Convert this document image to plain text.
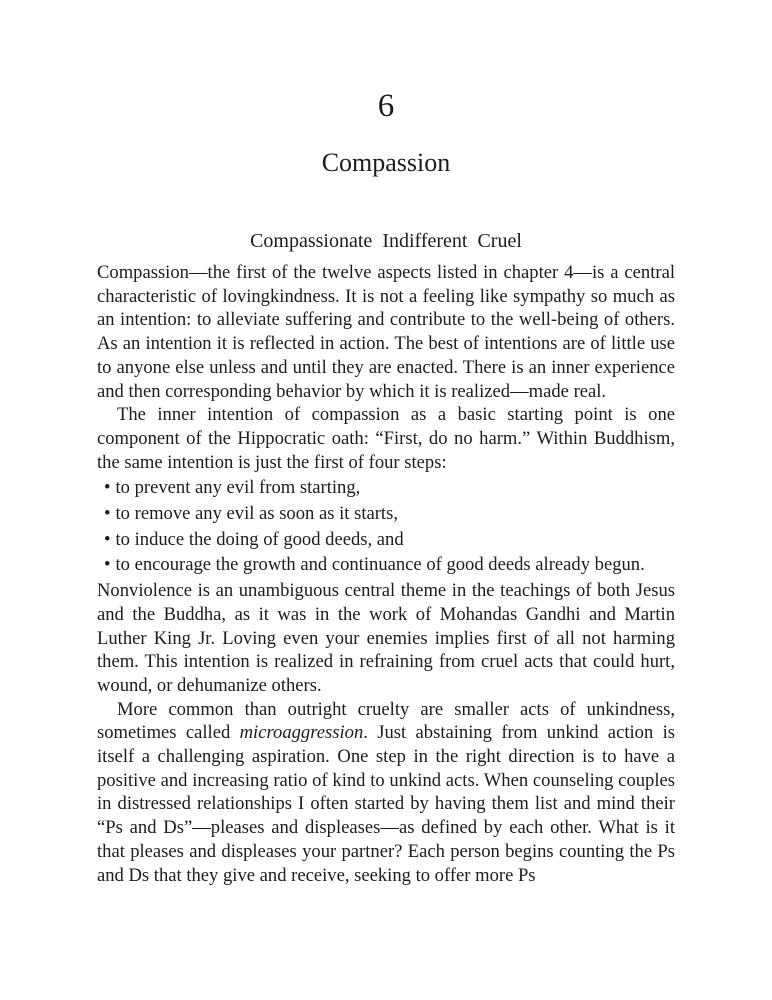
6
Compassion
Compassionate Indifferent Cruel

Compassion—the first of the twelve aspects listed in chapter 4—is a central characteristic of lovingkindness. It is not a feeling like sympathy so much as an intention: to alleviate suffering and contribute to the well-being of others. As an intention it is reflected in action. The best of intentions are of little use to anyone else unless and until they are enacted. There is an inner experience and then corresponding behavior by which it is realized—made real.

The inner intention of compassion as a basic starting point is one component of the Hippocratic oath: “First, do no harm.” Within Buddhism, the same intention is just the first of four steps:

• to prevent any evil from starting,
• to remove any evil as soon as it starts,
• to induce the doing of good deeds, and
• to encourage the growth and continuance of good deeds already begun.

Nonviolence is an unambiguous central theme in the teachings of both Jesus and the Buddha, as it was in the work of Mohandas Gandhi and Martin Luther King Jr. Loving even your enemies implies first of all not harming them. This intention is realized in refraining from cruel acts that could hurt, wound, or dehumanize others.

More common than outright cruelty are smaller acts of unkindness, sometimes called microaggression. Just abstaining from unkind action is itself a challenging aspiration. One step in the right direction is to have a positive and increasing ratio of kind to unkind acts. When counseling couples in distressed relationships I often started by having them list and mind their “Ps and Ds”—pleases and displeases—as defined by each other. What is it that pleases and displeases your partner? Each person begins counting the Ps and Ds that they give and receive, seeking to offer more Ps
